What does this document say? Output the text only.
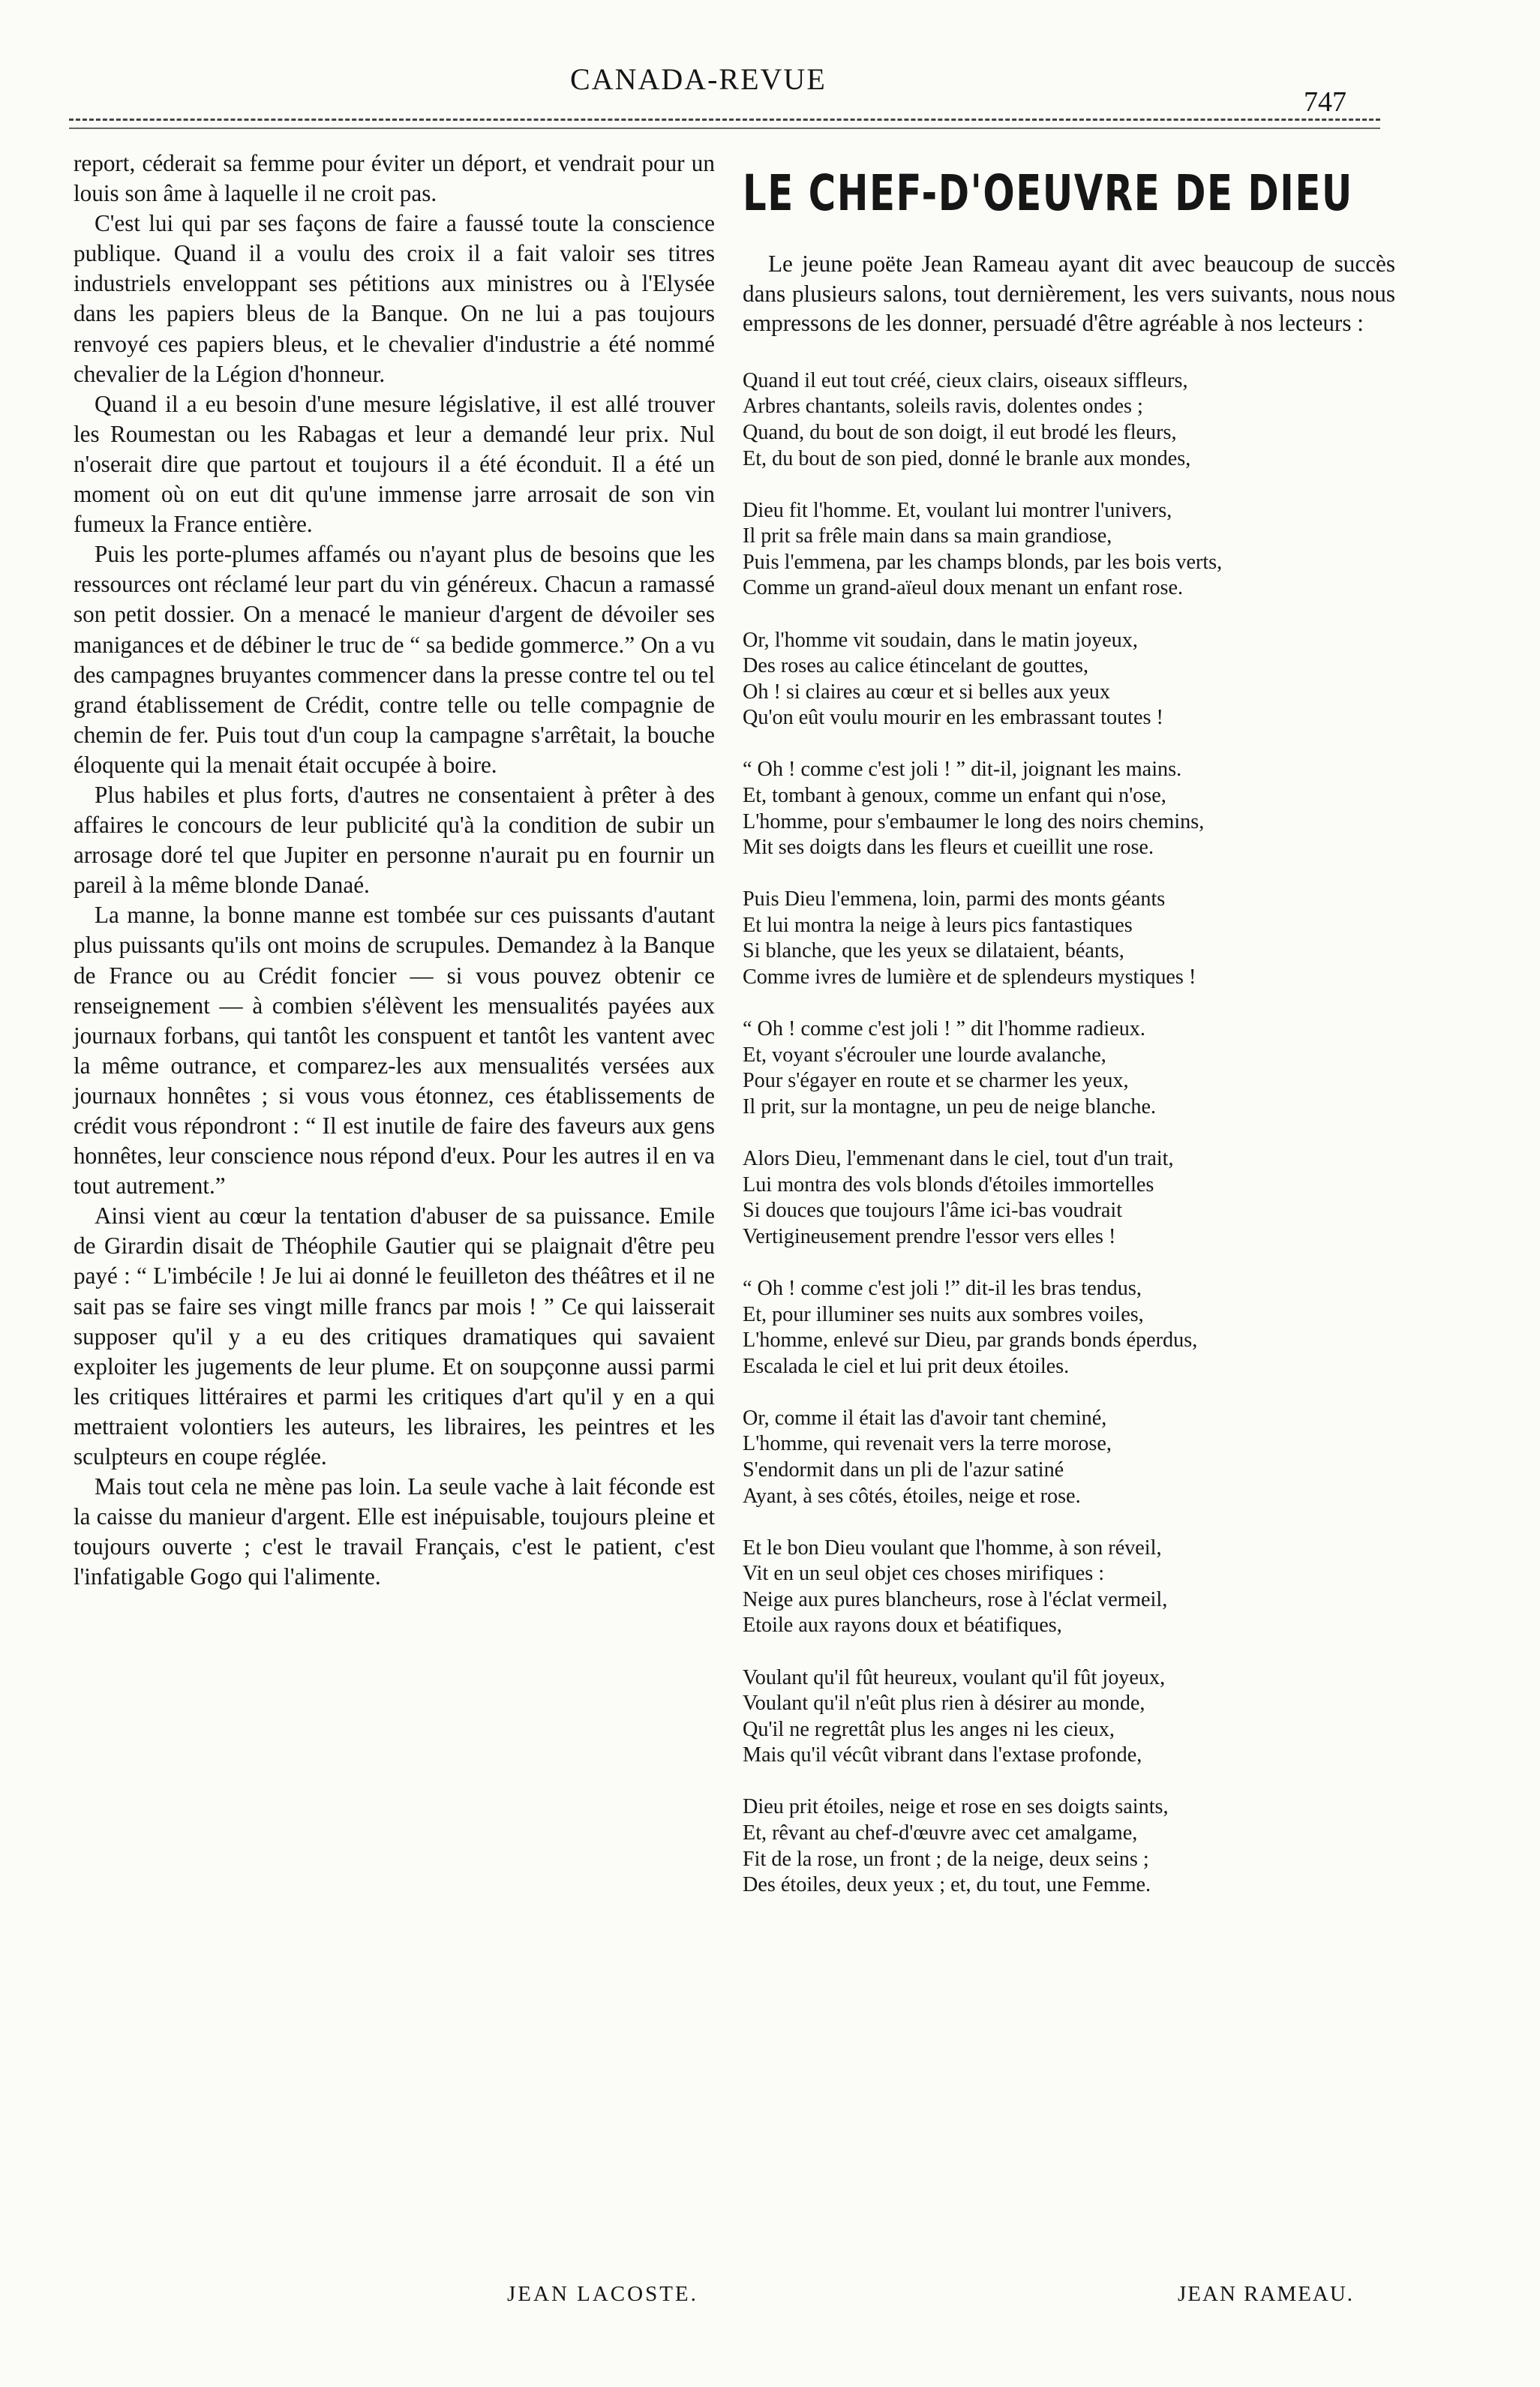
CANADA-REVUE
747

report, céderait sa femme pour éviter un déport, et vendrait pour un louis son âme à laquelle il ne croit pas.

C'est lui qui par ses façons de faire a faussé toute la conscience publique. Quand il a voulu des croix il a fait valoir ses titres industriels enveloppant ses pétitions aux ministres ou à l'Elysée dans les papiers bleus de la Banque. On ne lui a pas toujours renvoyé ces papiers bleus, et le chevalier d'industrie a été nommé chevalier de la Légion d'honneur.

Quand il a eu besoin d'une mesure législative, il est allé trouver les Roumestan ou les Rabagas et leur a demandé leur prix. Nul n'oserait dire que partout et toujours il a été éconduit. Il a été un moment où on eut dit qu'une immense jarre arrosait de son vin fumeux la France entière.

Puis les porte-plumes affamés ou n'ayant plus de besoins que les ressources ont réclamé leur part du vin généreux. Chacun a ramassé son petit dossier. On a menacé le manieur d'argent de dévoiler ses manigances et de débiner le truc de “ sa bedide gommerce.” On a vu des campagnes bruyantes commencer dans la presse contre tel ou tel grand établissement de Crédit, contre telle ou telle compagnie de chemin de fer. Puis tout d'un coup la campagne s'arrêtait, la bouche éloquente qui la menait était occupée à boire.

Plus habiles et plus forts, d'autres ne consentaient à prêter à des affaires le concours de leur publicité qu'à la condition de subir un arrosage doré tel que Jupiter en personne n'aurait pu en fournir un pareil à la même blonde Danaé.

La manne, la bonne manne est tombée sur ces puissants d'autant plus puissants qu'ils ont moins de scrupules. Demandez à la Banque de France ou au Crédit foncier — si vous pouvez obtenir ce renseignement — à combien s'élèvent les mensualités payées aux journaux forbans, qui tantôt les conspuent et tantôt les vantent avec la même outrance, et comparez-les aux mensualités versées aux journaux honnêtes ; si vous vous étonnez, ces établissements de crédit vous répondront : “ Il est inutile de faire des faveurs aux gens honnêtes, leur conscience nous répond d'eux. Pour les autres il en va tout autrement.”

Ainsi vient au cœur la tentation d'abuser de sa puissance. Emile de Girardin disait de Théophile Gautier qui se plaignait d'être peu payé : “ L'imbécile ! Je lui ai donné le feuilleton des théâtres et il ne sait pas se faire ses vingt mille francs par mois ! ” Ce qui laisserait supposer qu'il y a eu des critiques dramatiques qui savaient exploiter les jugements de leur plume. Et on soupçonne aussi parmi les critiques littéraires et parmi les critiques d'art qu'il y en a qui mettraient volontiers les auteurs, les libraires, les peintres et les sculpteurs en coupe réglée.

Mais tout cela ne mène pas loin. La seule vache à lait féconde est la caisse du manieur d'argent. Elle est inépuisable, toujours pleine et toujours ouverte ; c'est le travail Français, c'est le patient, c'est l'infatigable Gogo qui l'alimente.

JEAN LACOSTE.
LE CHEF-D'OEUVRE DE DIEU

Le jeune poëte Jean Rameau ayant dit avec beaucoup de succès dans plusieurs salons, tout dernièrement, les vers suivants, nous nous empressons de les donner, persuadé d'être agréable à nos lecteurs :

Quand il eut tout créé, cieux clairs, oiseaux siffleurs,
Arbres chantants, soleils ravis, dolentes ondes ;
Quand, du bout de son doigt, il eut brodé les fleurs,
Et, du bout de son pied, donné le branle aux mondes,
Dieu fit l'homme. Et, voulant lui montrer l'univers,
Il prit sa frêle main dans sa main grandiose,
Puis l'emmena, par les champs blonds, par les bois verts,
Comme un grand-aïeul doux menant un enfant rose.
Or, l'homme vit soudain, dans le matin joyeux,
Des roses au calice étincelant de gouttes,
Oh ! si claires au cœur et si belles aux yeux
Qu'on eût voulu mourir en les embrassant toutes !
“ Oh ! comme c'est joli ! ” dit-il, joignant les mains.
Et, tombant à genoux, comme un enfant qui n'ose,
L'homme, pour s'embaumer le long des noirs chemins,
Mit ses doigts dans les fleurs et cueillit une rose.
Puis Dieu l'emmena, loin, parmi des monts géants
Et lui montra la neige à leurs pics fantastiques
Si blanche, que les yeux se dilataient, béants,
Comme ivres de lumière et de splendeurs mystiques !
“ Oh ! comme c'est joli ! ” dit l'homme radieux.
Et, voyant s'écrouler une lourde avalanche,
Pour s'égayer en route et se charmer les yeux,
Il prit, sur la montagne, un peu de neige blanche.
Alors Dieu, l'emmenant dans le ciel, tout d'un trait,
Lui montra des vols blonds d'étoiles immortelles
Si douces que toujours l'âme ici-bas voudrait
Vertigineusement prendre l'essor vers elles !
“ Oh ! comme c'est joli !” dit-il les bras tendus,
Et, pour illuminer ses nuits aux sombres voiles,
L'homme, enlevé sur Dieu, par grands bonds éperdus,
Escalada le ciel et lui prit deux étoiles.
Or, comme il était las d'avoir tant cheminé,
L'homme, qui revenait vers la terre morose,
S'endormit dans un pli de l'azur satiné
Ayant, à ses côtés, étoiles, neige et rose.
Et le bon Dieu voulant que l'homme, à son réveil,
Vit en un seul objet ces choses mirifiques :
Neige aux pures blancheurs, rose à l'éclat vermeil,
Etoile aux rayons doux et béatifiques,
Voulant qu'il fût heureux, voulant qu'il fût joyeux,
Voulant qu'il n'eût plus rien à désirer au monde,
Qu'il ne regrettât plus les anges ni les cieux,
Mais qu'il vécût vibrant dans l'extase profonde,
Dieu prit étoiles, neige et rose en ses doigts saints,
Et, rêvant au chef-d'œuvre avec cet amalgame,
Fit de la rose, un front ; de la neige, deux seins ;
Des étoiles, deux yeux ; et, du tout, une Femme.
JEAN RAMEAU.
